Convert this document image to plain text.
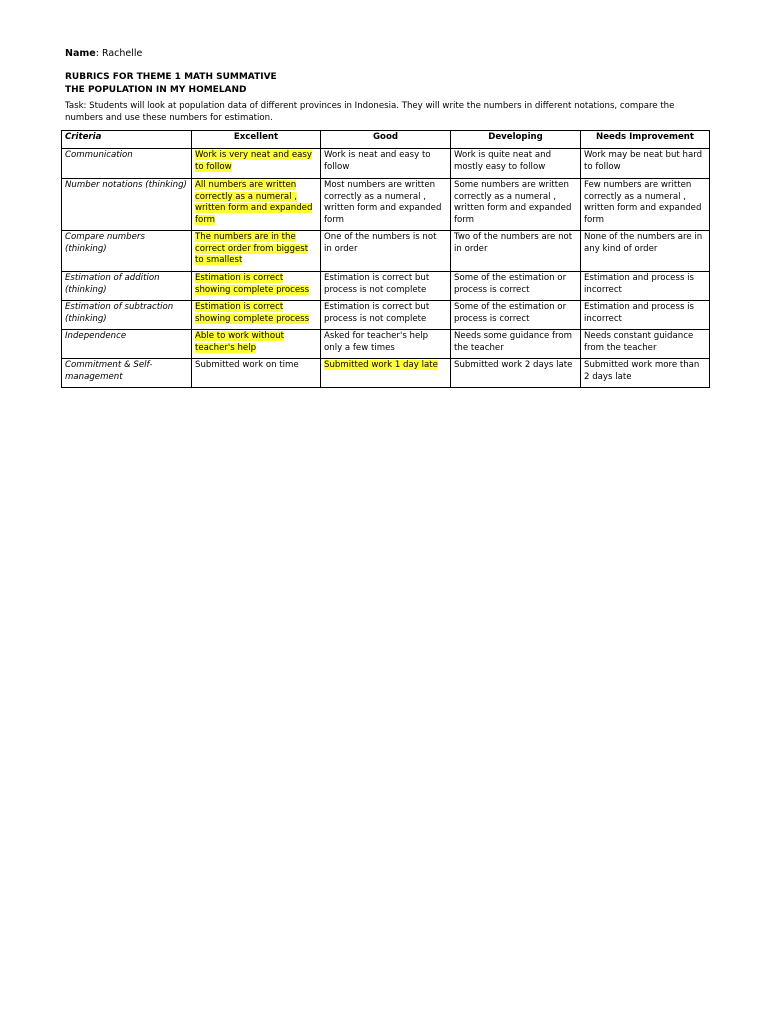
Name: Rachelle
RUBRICS FOR THEME 1 MATH SUMMATIVE
THE POPULATION IN MY HOMELAND
Task: Students will look at population data of different provinces in Indonesia. They will write the numbers in different notations, compare the numbers and use these numbers for estimation.
Criteria	Excellent	Good	Developing	Needs Improvement
Communication	Work is very neat and easy to follow	Work is neat and easy to follow	Work is quite neat and mostly easy to follow	Work may be neat but hard to follow
Number notations (thinking)	All numbers are written correctly as a numeral , written form and expanded form	Most numbers are written correctly as a numeral , written form and expanded form	Some numbers are written correctly as a numeral , written form and expanded form	Few numbers are written correctly as a numeral , written form and expanded form
Compare numbers (thinking)	The numbers are in the correct order from biggest to smallest	One of the numbers is not in order	Two of the numbers are not in order	None of the numbers are in any kind of order
Estimation of addition (thinking)	Estimation is correct showing complete process	Estimation is correct but process is not complete	Some of the estimation or process is correct	Estimation and process is incorrect
Estimation of subtraction (thinking)	Estimation is correct showing complete process	Estimation is correct but process is not complete	Some of the estimation or process is correct	Estimation and process is incorrect
Independence	Able to work without teacher's help	Asked for teacher's help only a few times	Needs some guidance from the teacher	Needs constant guidance from the teacher
Commitment & Self-management	Submitted work on time	Submitted work 1 day late	Submitted work 2 days late	Submitted work more than 2 days late
